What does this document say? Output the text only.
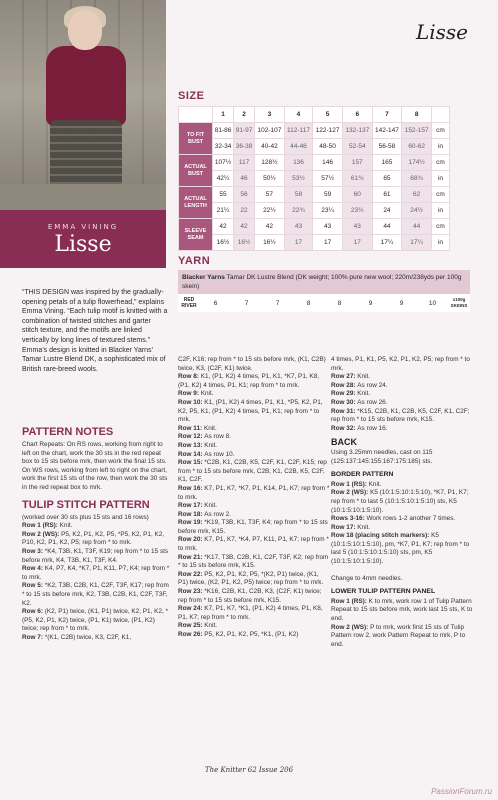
EMMA VINING
Lisse
Lisse
SIZE
	1	2	3	4	5	6	7	8	
TO FIT BUST	81-86	91-97	102-107	112-117	122-127	132-137	142-147	152-157	cm
	32-34	36-38	40-42	44-46	48-50	52-54	56-58	60-62	in
ACTUAL BUST	107½	117	128½	136	146	157	165	174½	cm
	42¼	46	50½	53½	57½	61¾	65	68¾	in
ACTUAL LENGTH	55	56	57	58	59	60	61	62	cm
	21¼	22	22½	22¾	23¼	23½	24	24½	in
SLEEVE SEAM	42	42	42	43	43	43	44	44	cm
	16½	16½	16½	17	17	17	17¼	17¼	in
YARN
Blacker Yarns Tamar DK Lustre Blend (DK weight; 100% pure new wool; 220m/238yds per 100g skein)
RED RIVER	6	7	7	8	8	9	9	10	x100g SKEINS

“THIS DESIGN was inspired by the gradually-opening petals of a tulip flowerhead,” explains Emma Vining. “Each tulip motif is knitted with a combination of twisted stitches and garter stitch texture, and the motifs are linked vertically by long lines of textured stems.” Emma’s design is knitted in Blacker Yarns’ Tamar Lustre Blend DK, a sophisticated mix of British rare-breed wools.

PATTERN NOTES

Chart Repeats: On RS rows, working from right to left on the chart, work the 30 sts in the red repeat box to 15 sts before mrk, then work the final 15 sts. On WS rows, working from left to right on the chart, work the first 15 sts of the row, then work the 30 sts in the red repeat box to mrk.

TULIP STITCH PATTERN

(worked over 30 sts plus 15 sts and 16 rows)

Row 1 (RS): Knit.

Row 2 (WS): P5, K2, P1, K2, P5, *P5, K2, P1, K2, P10, K2, P1, K2, P5; rep from * to mrk.

Row 3: *K4, T3B, K1, T3F, K19; rep from * to 15 sts before mrk, K4, T3B, K1, T3F, K4.

Row 4: K4, P7, K4, *K7, P1, K11, P7, K4; rep from * to mrk.

Row 5: *K2, T3B, C2B, K1, C2F, T3F, K17; rep from * to 15 sts before mrk, K2, T3B, C2B, K1, C2F, T3F, K2.

Row 6: (K2, P1) twice, (K1, P1) twice, K2, P1, K2, *(P5, K2, P1, K2) twice, (P1, K1) twice, (P1, K2) twice; rep from * to mrk.

Row 7: *(K1, C2B) twice, K3, C2F, K1,

C2F, K16; rep from * to 15 sts before mrk, (K1, C2B) twice, K3, (C2F, K1) twice.

Row 8: K1, (P1, K2) 4 times, P1, K1, *K7, P1, K8, (P1, K2) 4 times, P1, K1; rep from * to mrk.

Row 9: Knit.

Row 10: K1, (P1, K2) 4 times, P1, K1, *P5, K2, P1, K2, P5, K1, (P1, K2) 4 times, P1, K1; rep from * to mrk.

Row 11: Knit.

Row 12: As row 8.

Row 13: Knit.

Row 14: As row 10.

Row 15: *C2B, K1, C2B, K5, C2F, K1, C2F, K15; rep from * to 15 sts before mrk, C2B, K1, C2B, K5, C2F, K1, C2F.

Row 16: K7, P1, K7, *K7, P1, K14, P1, K7; rep from * to mrk.

Row 17: Knit.

Row 18: As row 2.

Row 19: *K19, T3B, K1, T3F, K4; rep from * to 15 sts before mrk, K15.

Row 20: K7, P1, K7, *K4, P7, K11, P1, K7; rep from * to mrk.

Row 21: *K17, T3B, C2B, K1, C2F, T3F, K2; rep from * to 15 sts before mrk, K15.

Row 22: P5, K2, P1, K2, P5, *(K2, P1) twice, (K1, P1) twice, (K2, P1, K2, P5) twice; rep from * to mrk.

Row 23: *K16, C2B, K1, C2B, K3, (C2F, K1) twice; rep from * to 15 sts before mrk, K15.

Row 24: K7, P1, K7, *K1, (P1, K2) 4 times, P1, K8, P1, K7; rep from * to mrk.

Row 25: Knit.

Row 26: P5, K2, P1, K2, P5, *K1, (P1, K2)

4 times, P1, K1, P5, K2, P1, K2, P5; rep from * to mrk.

Row 27: Knit.

Row 28: As row 24.

Row 29: Knit.

Row 30: As row 26.

Row 31: *K15, C2B, K1, C2B, K5, C2F, K1, C2F; rep from * to 15 sts before mrk, K15.

Row 32: As row 16.

BACK

Using 3.25mm needles, cast on 115 (125:137:145:155:167:175:185) sts.

BORDER PATTERN

Row 1 (RS): Knit.

Row 2 (WS): K5 (10:1:5:10:1:5:10), *K7, P1, K7; rep from * to last 5 (10:1:5:10:1:5:10) sts, K5 (10:1:5:10:1:5:10).

Rows 3-16: Work rows 1-2 another 7 times.

Row 17: Knit.

Row 18 (placing stitch markers): K5 (10:1:5:10:1:5:10), pm, *K7, P1, K7; rep from * to last 5 (10:1:5:10:1:5:10) sts, pm, K5 (10:1:5:10:1:5:10).

Change to 4mm needles.

LOWER TULIP PATTERN PANEL

Row 1 (RS): K to mrk, work row 1 of Tulip Pattern Repeat to 15 sts before mrk, work last 15 sts, K to end.

Row 2 (WS): P to mrk, work first 15 sts of Tulip Pattern row 2, work Pattern Repeat to mrk, P to end.

The Knitter 62 Issue 206
PassionForum.ru
